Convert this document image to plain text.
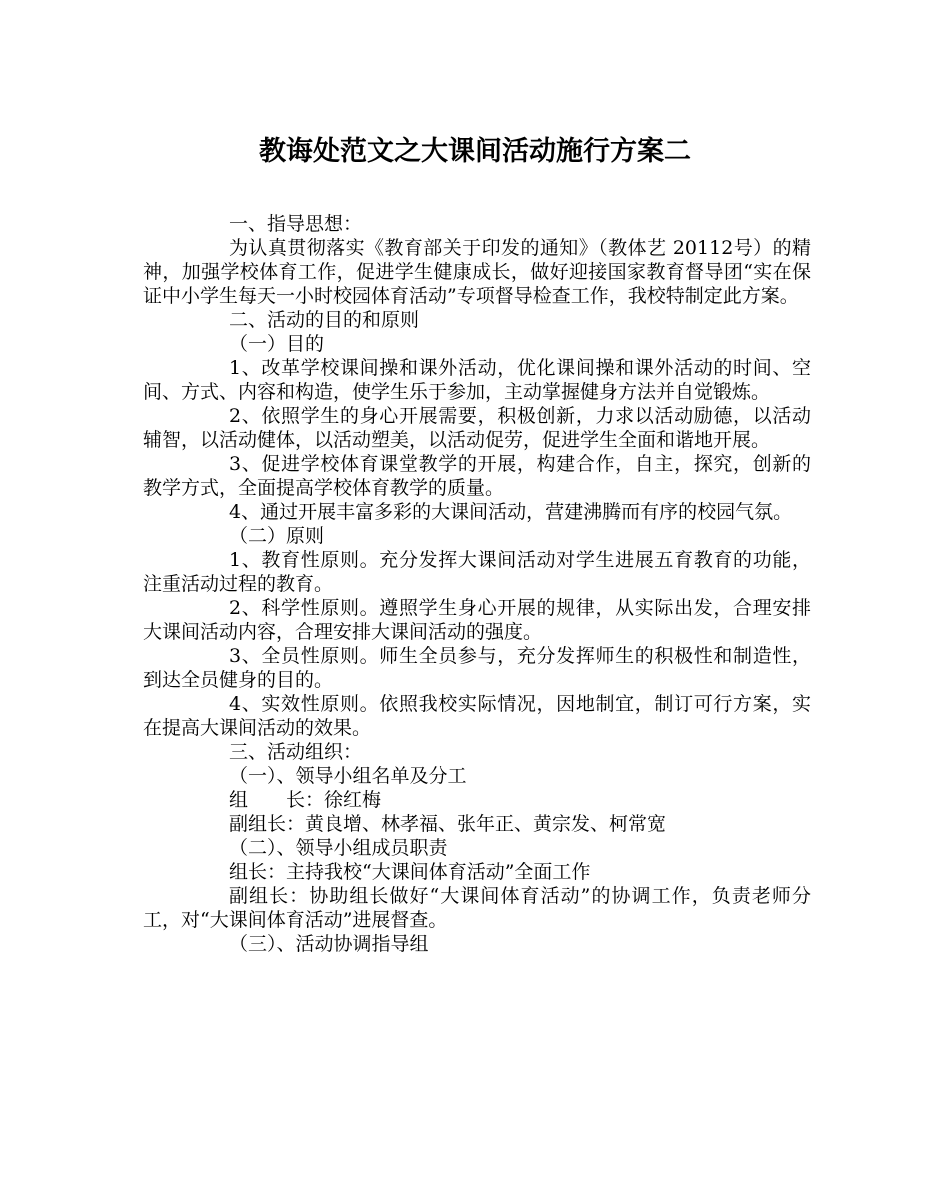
教诲处范文之大课间活动施行方案二

一、指导思想：

为认真贯彻落实《教育部关于印发的通知》（教体艺 20112号）的精神，加强学校体育工作，促进学生健康成长，做好迎接国家教育督导团“实在保证中小学生每天一小时校园体育活动”专项督导检查工作，我校特制定此方案。

二、活动的目的和原则

（一）目的

1、改革学校课间操和课外活动，优化课间操和课外活动的时间、空间、方式、内容和构造，使学生乐于参加，主动掌握健身方法并自觉锻炼。

2、依照学生的身心开展需要，积极创新，力求以活动励德，以活动辅智，以活动健体，以活动塑美，以活动促劳，促进学生全面和谐地开展。

3、促进学校体育课堂教学的开展，构建合作，自主，探究，创新的教学方式，全面提高学校体育教学的质量。

4、通过开展丰富多彩的大课间活动，营建沸腾而有序的校园气氛。

（二）原则

1、教育性原则。充分发挥大课间活动对学生进展五育教育的功能，注重活动过程的教育。

2、科学性原则。遵照学生身心开展的规律，从实际出发，合理安排大课间活动内容，合理安排大课间活动的强度。

3、全员性原则。师生全员参与，充分发挥师生的积极性和制造性，到达全员健身的目的。

4、实效性原则。依照我校实际情况，因地制宜，制订可行方案，实在提高大课间活动的效果。

三、活动组织：

（一）、领导小组名单及分工

组　　长：徐红梅

副组长：黄良增、林孝福、张年正、黄宗发、柯常宽

（二）、领导小组成员职责

组长：主持我校“大课间体育活动”全面工作

副组长：协助组长做好“大课间体育活动”的协调工作，负责老师分工，对“大课间体育活动”进展督查。

（三）、活动协调指导组
